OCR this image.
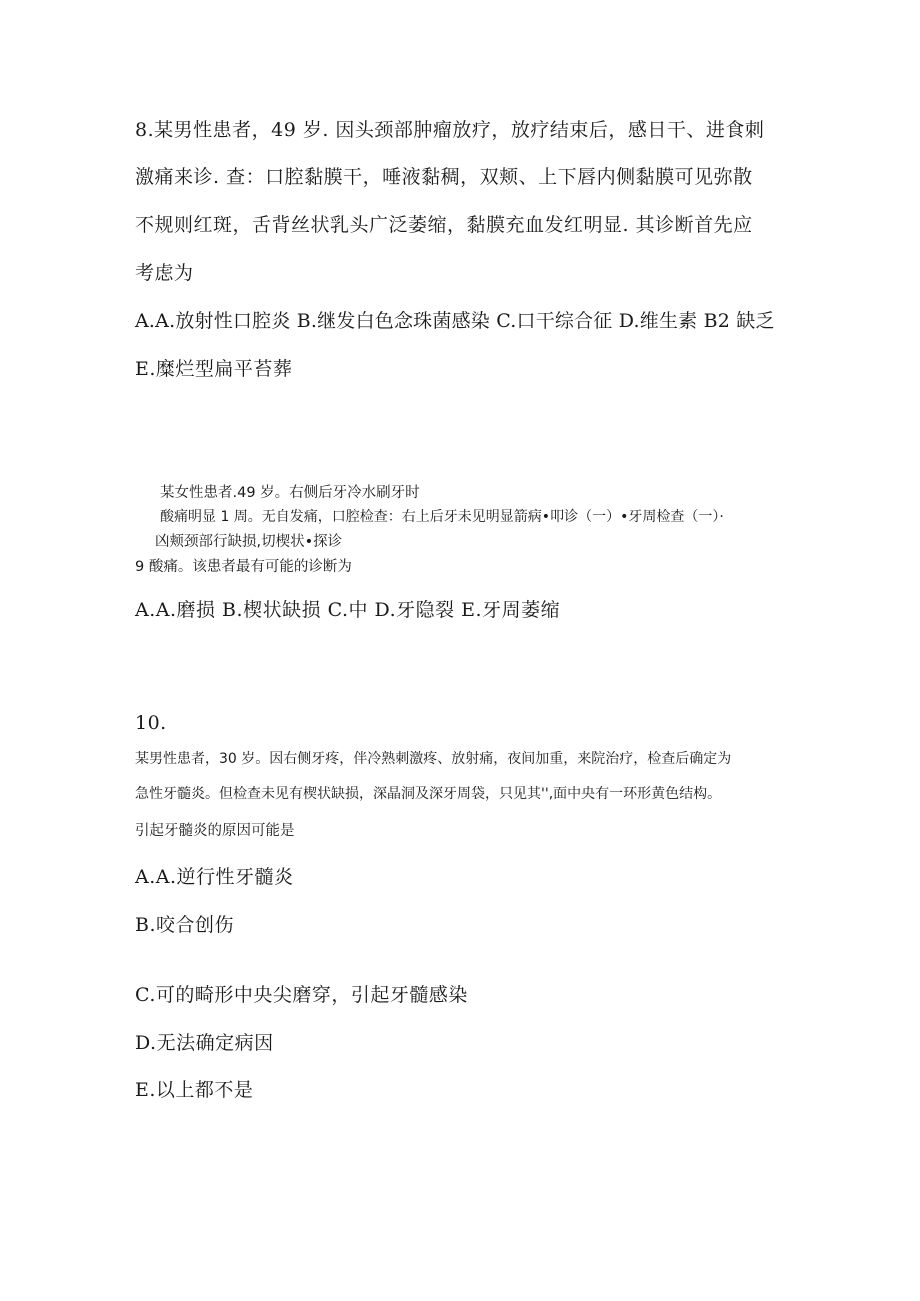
8.某男性患者，49 岁. 因头颈部肿瘤放疗，放疗结束后，感日干、进食刺
激痛来诊. 查：口腔黏膜干，唾液黏稠，双颊、上下唇内侧黏膜可见弥散
不规则红斑，舌背丝状乳头广泛萎缩，黏膜充血发红明显. 其诊断首先应
考虑为
A.A.放射性口腔炎 B.继发白色念珠菌感染 C.口干综合征 D.维生素 B2 缺乏
E.糜烂型扁平苔葬
某女性患者.49 岁。右侧后牙冷水刷牙时
酸痛明显 1 周。无自发痛，口腔检查：右上后牙未见明显箭病•叩诊（一）•牙周检查（一）·
凶颊颈部行缺损,切楔状•探诊
9 酸痛。该患者最有可能的诊断为
A.A.磨损 B.楔状缺损 C.中 D.牙隐裂 E.牙周萎缩
10.
某男性患者，30 岁。因右侧牙疼，伴冷熟刺激疼、放射痛，夜间加重，来院治疗，检查后确定为
急性牙髓炎。但检查未见有楔状缺损，深晶洞及深牙周袋，只见其'',面中央有一环形黄色结构。
引起牙髓炎的原因可能是
A.A.逆行性牙髓炎
B.咬合创伤
C.可的畸形中央尖磨穿，引起牙髓感染
D.无法确定病因
E.以上都不是
